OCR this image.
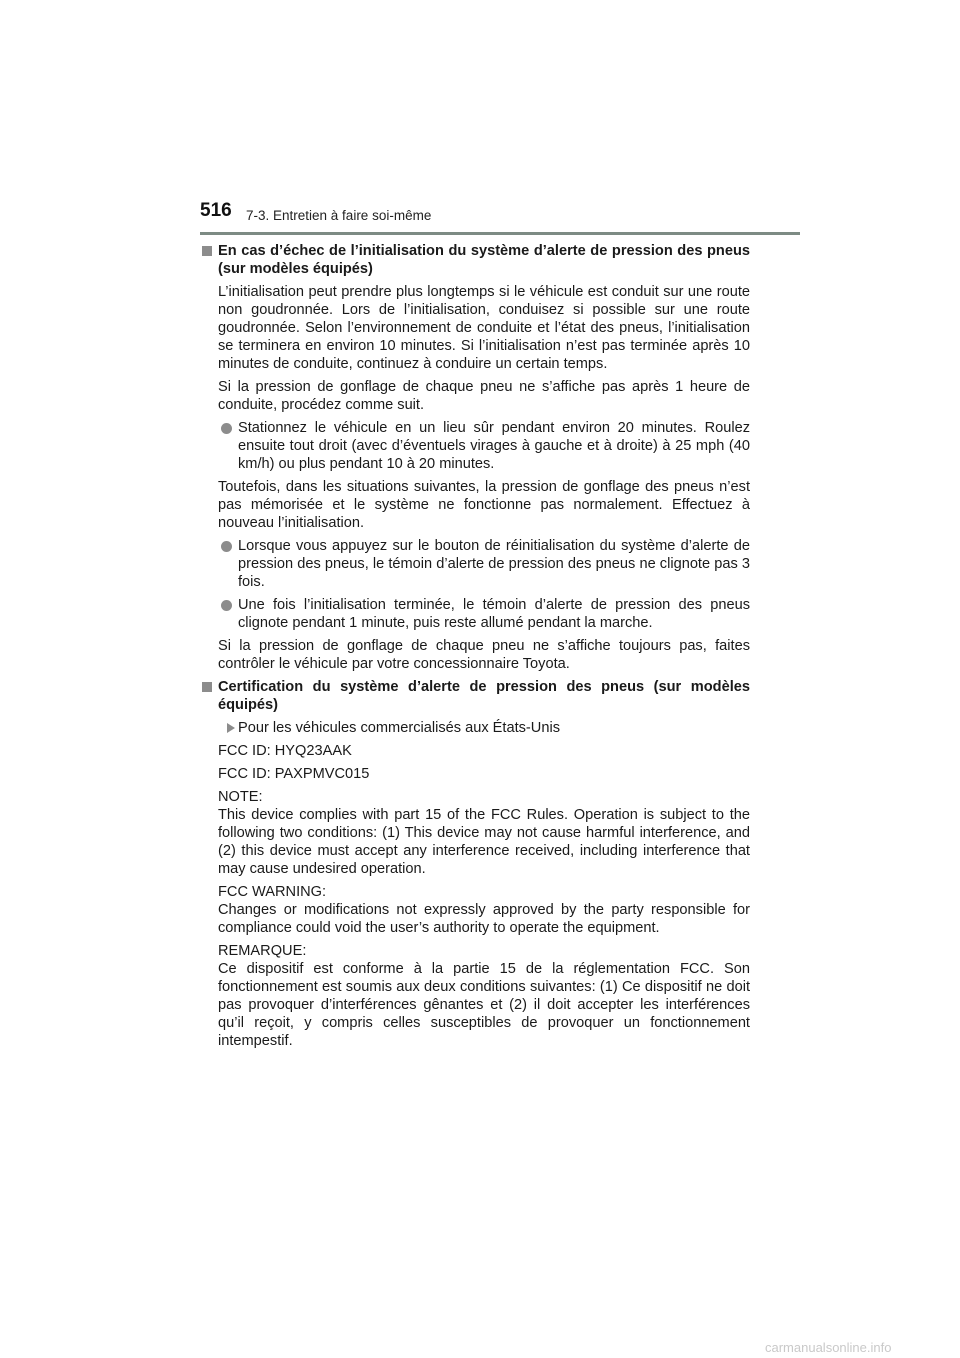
516 7-3. Entretien à faire soi-même
En cas d’échec de l’initialisation du système d’alerte de pression des pneus (sur modèles équipés)

L’initialisation peut prendre plus longtemps si le véhicule est conduit sur une route non goudronnée. Lors de l’initialisation, conduisez si possible sur une route goudronnée. Selon l’environnement de conduite et l’état des pneus, l’initialisation se terminera en environ 10 minutes. Si l’initialisation n’est pas terminée après 10 minutes de conduite, continuez à conduire un certain temps.

Si la pression de gonflage de chaque pneu ne s’affiche pas après 1 heure de conduite, procédez comme suit.

Stationnez le véhicule en un lieu sûr pendant environ 20 minutes. Roulez ensuite tout droit (avec d’éventuels virages à gauche et à droite) à 25 mph (40 km/h) ou plus pendant 10 à 20 minutes.

Toutefois, dans les situations suivantes, la pression de gonflage des pneus n’est pas mémorisée et le système ne fonctionne pas normalement. Effectuez à nouveau l’initialisation.

Lorsque vous appuyez sur le bouton de réinitialisation du système d’alerte de pression des pneus, le témoin d’alerte de pression des pneus ne clignote pas 3 fois.
Une fois l’initialisation terminée, le témoin d’alerte de pression des pneus clignote pendant 1 minute, puis reste allumé pendant la marche.

Si la pression de gonflage de chaque pneu ne s’affiche toujours pas, faites contrôler le véhicule par votre concessionnaire Toyota.

Certification du système d’alerte de pression des pneus (sur modèles équipés)
Pour les véhicules commercialisés aux États-Unis

FCC ID: HYQ23AAK

FCC ID: PAXPMVC015

NOTE:
This device complies with part 15 of the FCC Rules. Operation is subject to the following two conditions: (1) This device may not cause harmful interference, and (2) this device must accept any interference received, including interference that may cause undesired operation.
FCC WARNING:
Changes or modifications not expressly approved by the party responsible for compliance could void the user’s authority to operate the equipment.
REMARQUE:
Ce dispositif est conforme à la partie 15 de la réglementation FCC. Son fonctionnement est soumis aux deux conditions suivantes: (1) Ce dispositif ne doit pas provoquer d’interférences gênantes et (2) il doit accepter les interférences qu’il reçoit, y compris celles susceptibles de provoquer un fonctionnement intempestif.
carmanualsonline.info
